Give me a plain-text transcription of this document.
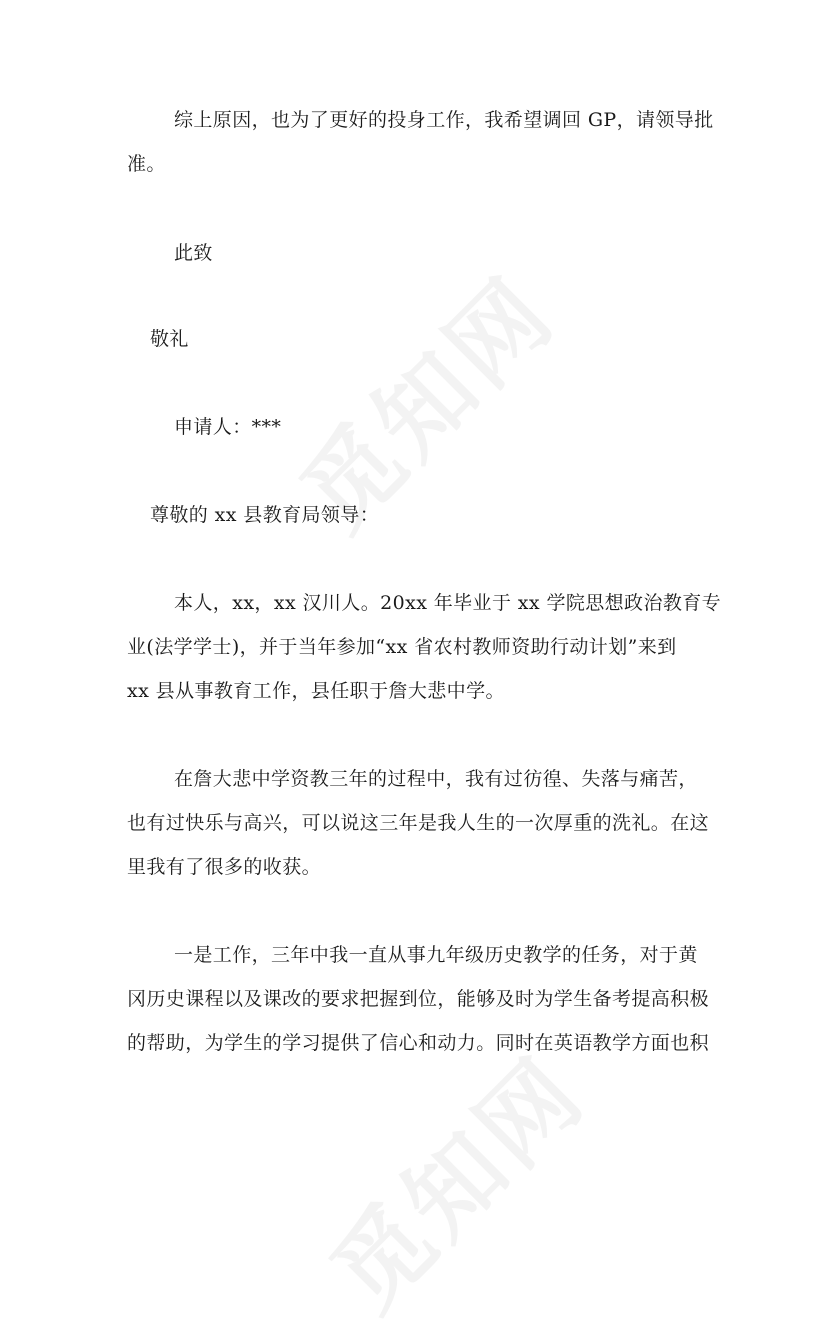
综上原因，也为了更好的投身工作，我希望调回 GP，请领导批
准。
此致
敬礼
申请人：***
尊敬的 xx 县教育局领导：
本人，xx，xx 汉川人。20xx 年毕业于 xx 学院思想政治教育专
业(法学学士)，并于当年参加“xx 省农村教师资助行动计划”来到
xx 县从事教育工作，县任职于詹大悲中学。
在詹大悲中学资教三年的过程中，我有过彷徨、失落与痛苦，
也有过快乐与高兴，可以说这三年是我人生的一次厚重的洗礼。在这
里我有了很多的收获。
一是工作，三年中我一直从事九年级历史教学的任务，对于黄
冈历史课程以及课改的要求把握到位，能够及时为学生备考提高积极
的帮助，为学生的学习提供了信心和动力。同时在英语教学方面也积
